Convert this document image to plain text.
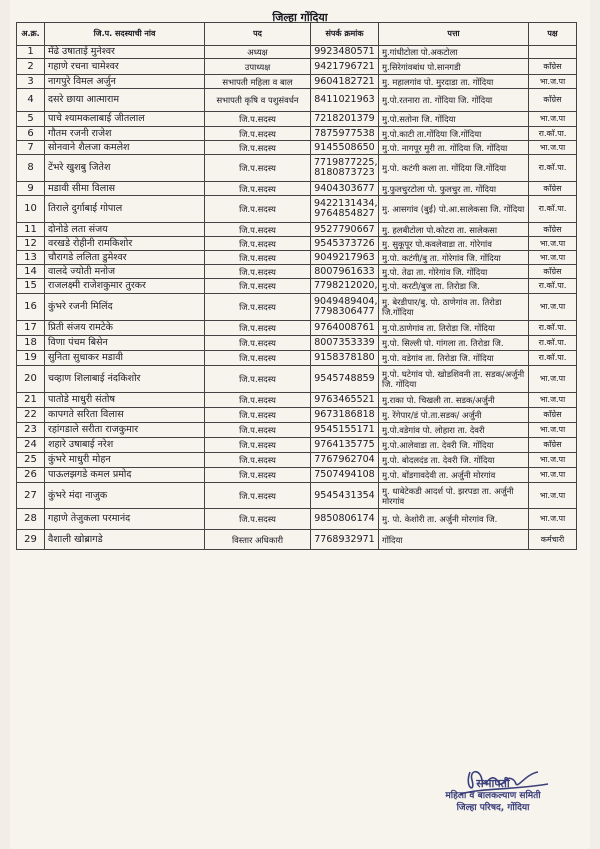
जिल्हा गोंदिया
अ.क्र.	जि.प. सदस्याची नांव	पद	संपर्क क्रमांक	पत्ता	पक्ष
1	मेंढे उषाताई मुनेश्वर	अध्यक्ष	9923480571	मु.गांधीटोला पो.अकटोला	
2	गहाणे रचना चामेश्वर	उपाध्यक्ष	9421796721	मु.सिरेगांवबांध पो.सानगडी	काँग्रेस
3	नागपुरे विमल अर्जुन	सभापती महिला व बाल	9604182721	मु. महालगांव पो. मुरदाडा ता. गोंदिया	भा.ज.पा
4	दसरे छाया आत्माराम	सभापती कृषि व पशुसंवर्धन	8411021963	मु.पो.रतनारा ता. गोंदिया जि. गोंदिया	काँग्रेस
5	पाचे श्यामकलाबाई जीतलाल	जि.प.सदस्य	7218201379	मु.पो.सतोना जि. गोंदिया	भा.ज.पा
6	गौतम रजनी राजेश	जि.प.सदस्य	7875977538	मु.पो.काटी ता.गोंदिया जि.गोंदिया	रा.कॉ.पा.
7	सोनवाने शैलजा कमलेश	जि.प.सदस्य	9145508650	मु.पो. नागपूर मुरी ता. गोंदिया जि. गोंदिया	भा.ज.पा
8	टेंभरे खुशबु जितेश	जि.प.सदस्य	7719877225, 8180873723	मु.पो. कटंगी कला ता. गोंदिया जि.गोंदिया	रा.कॉ.पा.
9	मडावी सीमा विलास	जि.प.सदस्य	9404303677	मु.फुलचुरटोला पो. फुलचुर ता. गोंदिया	काँग्रेस
10	तिराले दुर्गाबाई गोपाल	जि.प.सदस्य	9422131434, 9764854827	मु. आसगांव (बुई) पो.आ.सालेकसा जि. गोंदिया	रा.कॉ.पा.
11	दोनोडे लता संजय	जि.प.सदस्य	9527790667	मु. हलबीटोला पो.कोटरा ता. सालेकसा	काँग्रेस
12	वरखडे रोहीनी रामकिशोर	जि.प.सदस्य	9545373726	मु. सुकूपूर पो.कवलेवाडा ता. गोरेगांव	भा.ज.पा
13	चौरागडे ललिता डुमेश्वर	जि.प.सदस्य	9049217963	मु.पो. कटंगी/बु ता. गोरेगांव जि. गोंदिया	भा.ज.पा
14	वालदे ज्योती मनोज	जि.प.सदस्य	8007961633	मु.पो. तेढा ता. गोरेगांव जि. गोंदिया	काँग्रेस
15	राजलक्ष्मी राजेशकुमार तुरकर	जि.प.सदस्य	7798212020,	मु.पो. करटी/बुज ता. तिरोडा जि.	रा.कॉ.पा.
16	कुंभरे रजनी मिलिंद	जि.प.सदस्य	9049489404, 7798306477	मु. बेरडीपार/बु. पो. ठाणेगांव ता. तिरोडा जि.गोंदिया	भा.ज.पा
17	प्रिती संजय रामटेके	जि.प.सदस्य	9764008761	मु.पो.ठाणेगांव ता. तिरोडा जि. गोंदिया	रा.कॉ.पा.
18	विणा पंचम बिसेन	जि.प.सदस्य	8007353339	मु.पो. सिल्ली पो. गांगला ता. तिरोडा जि.	रा.कॉ.पा.
19	सुनिता सुधाकर मडावी	जि.प.सदस्य	9158378180	मु.पो. वडेगांव ता. तिरोडा जि. गोंदिया	रा.कॉ.पा.
20	चव्हाण शिलाबाई नंदकिशोर	जि.प.सदस्य	9545748859	मु.पो. घटेगांव पो. खोडशिवनी ता. सडक/अर्जुनी जि. गोंदिया	भा.ज.पा
21	पातोडे माधुरी संतोष	जि.प.सदस्य	9763465521	मु.राका पो. चिखली ता. सडक/अर्जुनी	भा.ज.पा
22	कापगते सरिता विलास	जि.प.सदस्य	9673186818	मु. रेंगेपार/डं पो.ता.सडक/ अर्जुनी	काँग्रेस
23	रहांगडाले सरीता राजकुमार	जि.प.सदस्य	9545155171	मु.पो.वडेगांव पो. लोहारा ता. देवरी	भा.ज.पा
24	शहारे उषाबाई नरेश	जि.प.सदस्य	9764135775	मु.पो.आलेवाडा ता. देवरी जि. गोंदिया	काँग्रेस
25	कुंभरे माधुरी मोहन	जि.प.सदस्य	7767962704	मु.पो. बोदलदंड ता. देवरी जि. गोंदिया	भा.ज.पा
26	पाऊलझगडे कमल प्रमोद	जि.प.सदस्य	7507494108	मु.पो. बोंडगावदेवी ता. अर्जुनी मोरगांव	भा.ज.पा
27	कुंभरे मंदा नाजुक	जि.प.सदस्य	9545431354	मु. धाबेटेकडी आदर्श पो. झरपडा ता. अर्जुनी मोरगांव	भा.ज.पा
28	गहाणे तेजुकला परमानंद	जि.प.सदस्य	9850806174	मु. पो. केशोरी ता. अर्जुनी मोरगांव जि.	भा.ज.पा
29	वैशाली खोब्रागडे	विस्तार अधिकारी	7768932971	गोंदिया	कर्मचारी
सभापती
महिला व बालकल्याण समिती
जिल्हा परिषद, गोंदिया
